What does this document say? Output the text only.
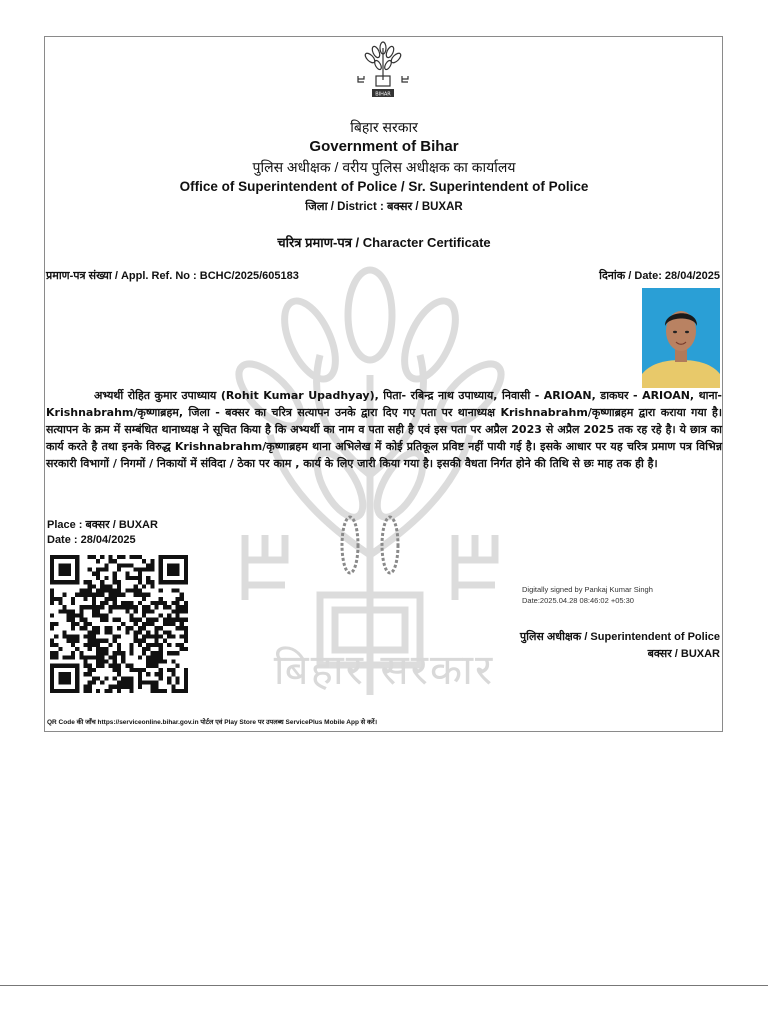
बिहार सरकार
BIHAR
बिहार सरकार
Government of Bihar
पुलिस अधीक्षक / वरीय पुलिस अधीक्षक का कार्यालय
Office of Superintendent of Police / Sr. Superintendent of Police
जिला / District : बक्सर / BUXAR
चरित्र प्रमाण-पत्र / Character Certificate
प्रमाण-पत्र संख्या / Appl. Ref. No : BCHC/2025/605183	दिनांक / Date: 28/04/2025
अभ्यर्थी रोहित कुमार उपाध्याय (Rohit Kumar Upadhyay), पिता- रबिन्द्र नाथ उपाध्याय, निवासी - ARIOAN, डाकघर - ARIOAN, थाना- Krishnabrahm/कृष्णाब्रहम, जिला - बक्सर का चरित्र सत्यापन उनके द्वारा दिए गए पता पर थानाध्यक्ष Krishnabrahm/कृष्णाब्रहम द्वारा कराया गया है। सत्यापन के क्रम में सम्बंधित थानाध्यक्ष ने सूचित किया है कि अभ्यर्थी का नाम व पता सही है एवं इस पता पर अप्रैल 2023 से अप्रैल 2025 तक रह रहे है। ये छात्र का कार्य करते है तथा इनके विरुद्ध Krishnabrahm/कृष्णाब्रहम थाना अभिलेख में कोई प्रतिकूल प्रविष्ट नहीं पायी गई है। इसके आधार पर यह चरित्र प्रमाण पत्र विभिन्न सरकारी विभागों / निगमों / निकायों में संविदा / ठेका पर काम , कार्य के लिए जारी किया गया है। इसकी वैधता निर्गत होने की तिथि से छः माह तक ही है।
Place : बक्सर / BUXAR
Date : 28/04/2025
Digitally signed by Pankaj Kumar Singh
Date:2025.04.28 08:46:02 +05:30
पुलिस अधीक्षक / Superintendent of Police
बक्सर / BUXAR
QR Code की जाँच https://serviceonline.bihar.gov.in पोर्टल एवं Play Store पर उपलब्ध ServicePlus Mobile App से करें।
